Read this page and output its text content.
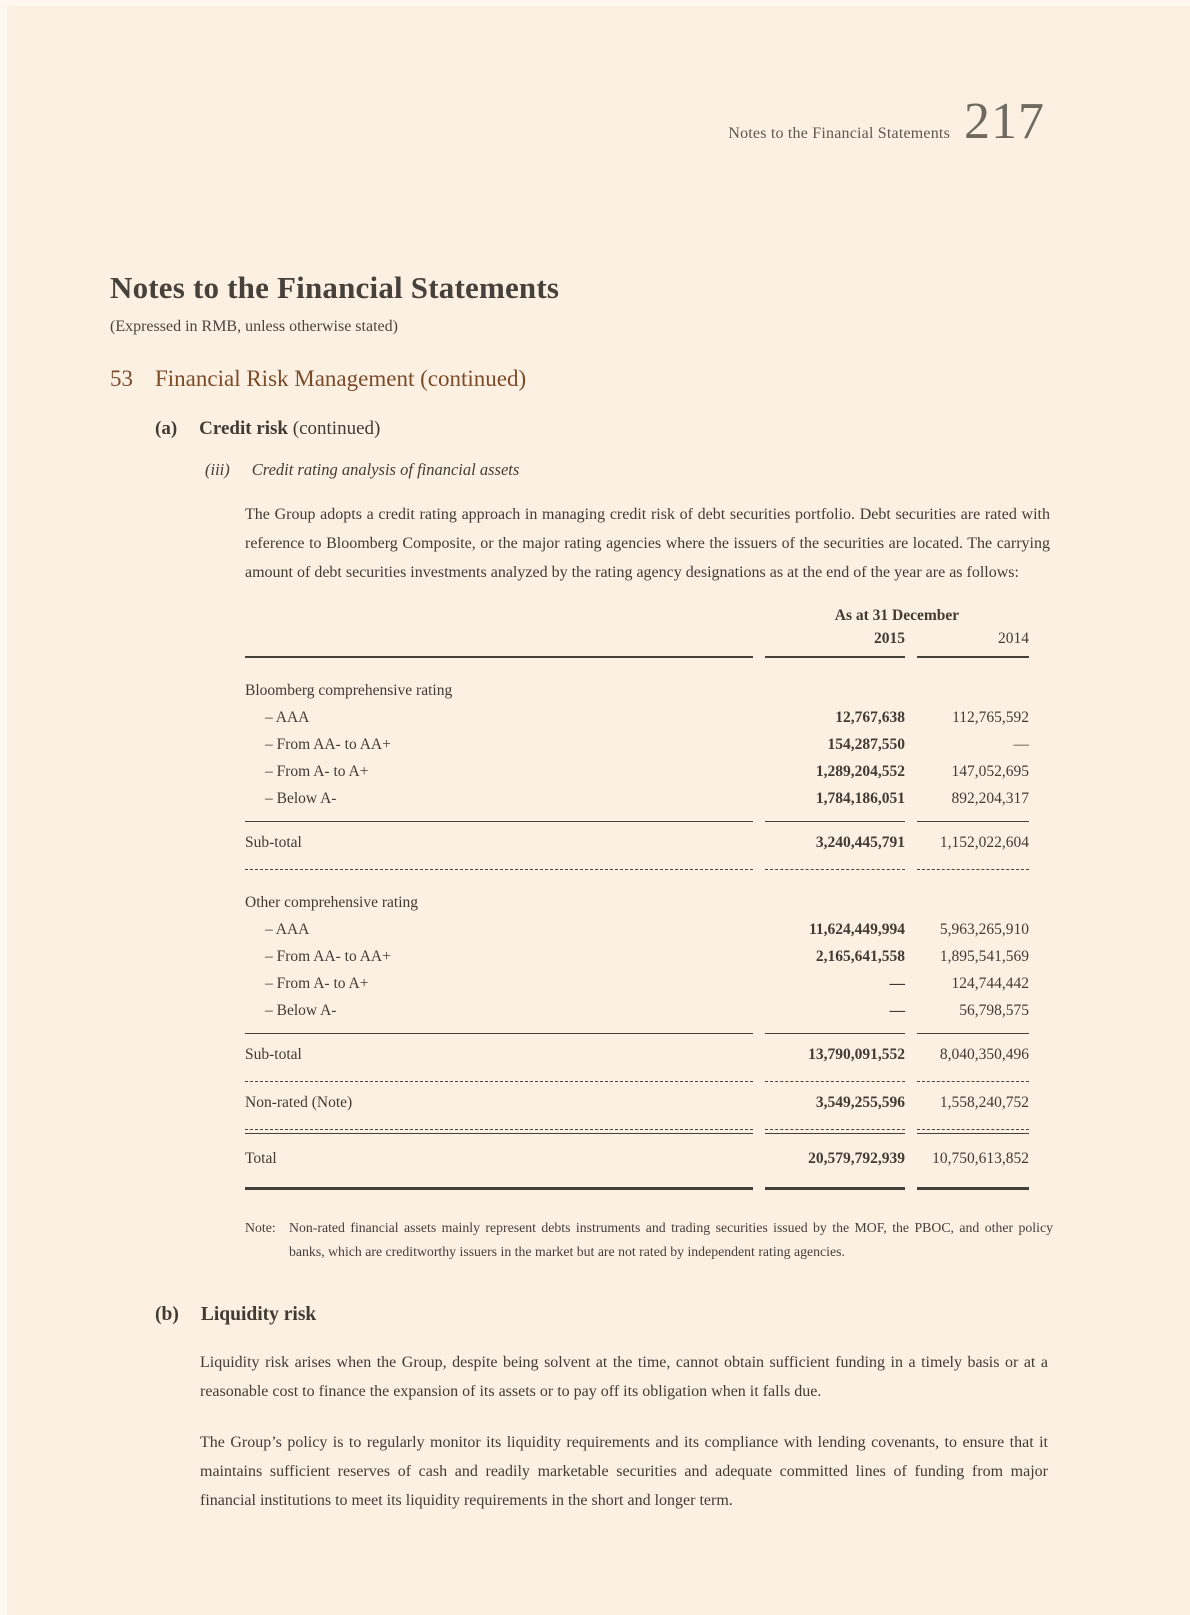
Notes to the Financial Statements 217
Notes to the Financial Statements
(Expressed in RMB, unless otherwise stated)
53 Financial Risk Management (continued)
(a) Credit risk (continued)
(iii) Credit rating analysis of financial assets
The Group adopts a credit rating approach in managing credit risk of debt securities portfolio. Debt securities are rated with reference to Bloomberg Composite, or the major rating agencies where the issuers of the securities are located. The carrying amount of debt securities investments analyzed by the rating agency designations as at the end of the year are as follows:
	As at 31 December	
	2015	2014

Bloomberg comprehensive rating		
– AAA	12,767,638	112,765,592
– From AA- to AA+	154,287,550	—
– From A- to A+	1,289,204,552	147,052,695
– Below A-	1,784,186,051	892,204,317

Sub-total	3,240,445,791	1,152,022,604

Other comprehensive rating		
– AAA	11,624,449,994	5,963,265,910
– From AA- to AA+	2,165,641,558	1,895,541,569
– From A- to A+	—	124,744,442
– Below A-	—	56,798,575

Sub-total	13,790,091,552	8,040,350,496

Non-rated (Note)	3,549,255,596	1,558,240,752

Total	20,579,792,939	10,750,613,852

Note: Non-rated financial assets mainly represent debts instruments and trading securities issued by the MOF, the PBOC, and other policy banks, which are creditworthy issuers in the market but are not rated by independent rating agencies.
(b) Liquidity risk
Liquidity risk arises when the Group, despite being solvent at the time, cannot obtain sufficient funding in a timely basis or at a reasonable cost to finance the expansion of its assets or to pay off its obligation when it falls due.
The Group’s policy is to regularly monitor its liquidity requirements and its compliance with lending covenants, to ensure that it maintains sufficient reserves of cash and readily marketable securities and adequate committed lines of funding from major financial institutions to meet its liquidity requirements in the short and longer term.
